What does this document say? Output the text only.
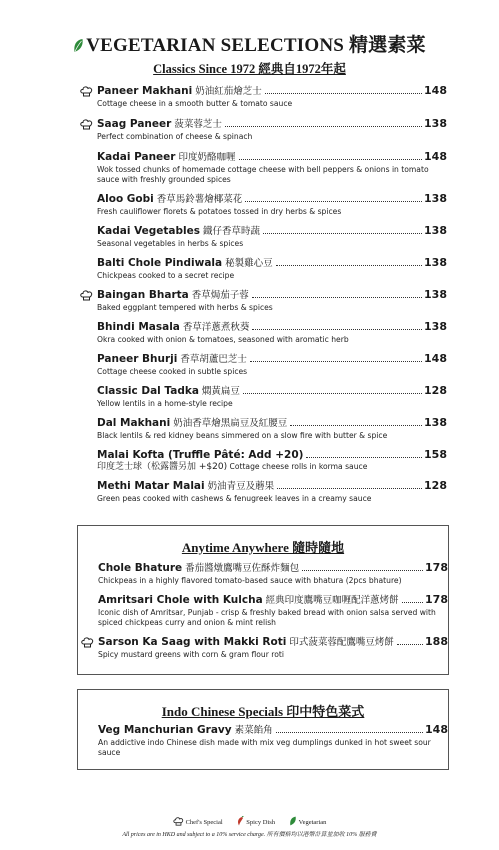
VEGETARIAN SELECTIONS 精選素菜
Classics Since 1972 經典自1972年起
Paneer Makhani 奶油紅茄燴芝士	148
Cottage cheese in a smooth butter & tomato sauce
Saag Paneer 菠菜蓉芝士	138
Perfect combination of cheese & spinach
Kadai Paneer 印度奶酪咖喱	148
Wok tossed chunks of homemade cottage cheese with bell peppers & onions in tomato sauce with freshly grounded spices
Aloo Gobi 香草馬鈴薯燴椰菜花	138
Fresh cauliflower florets & potatoes tossed in dry herbs & spices
Kadai Vegetables 鐵仔香草時蔬	138
Seasonal vegetables in herbs & spices
Balti Chole Pindiwala 秘製雞心豆	138
Chickpeas cooked to a secret recipe
Baingan Bharta 香草焗茄子蓉	138
Baked eggplant tempered with herbs & spices
Bhindi Masala 香草洋蔥煮秋葵	138
Okra cooked with onion & tomatoes, seasoned with aromatic herb
Paneer Bhurji 香草胡蘆巴芝士	148
Cottage cheese cooked in subtle spices
Classic Dal Tadka 燜黃扁豆	128
Yellow lentils in a home-style recipe
Dal Makhani 奶油香草燴黑扁豆及紅腰豆	138
Black lentils & red kidney beans simmered on a slow fire with butter & spice
Malai Kofta (Truffle Pâté: Add +20)	158
印度芝士球（松露醬另加 +$20) Cottage cheese rolls in korma sauce
Methi Matar Malai 奶油青豆及蘑果	128
Green peas cooked with cashews & fenugreek leaves in a creamy sauce
Anytime Anywhere 隨時隨地
Chole Bhature 番茄醬燉鷹嘴豆佐酥炸麵包	178
Chickpeas in a highly flavored tomato-based sauce with bhatura (2pcs bhature)
Amritsari Chole with Kulcha 經典印度鷹嘴豆咖喱配洋蔥烤餅 178
Iconic dish of Amritsar, Punjab - crisp & freshly baked bread with onion salsa served with spiced chickpeas curry and onion & mint relish
Sarson Ka Saag with Makki Roti 印式菠菜蓉配鷹嘴豆烤餅	188
Spicy mustard greens with corn & gram flour roti
Indo Chinese Specials 印中特色菜式
Veg Manchurian Gravy 素菜餡角	148
An addictive indo Chinese dish made with mix veg dumplings dunked in hot sweet sour sauce
Chef's Special	Spicy Dish	Vegetarian
All prices are in HKD and subject to a 10% service charge. 所有價格均以港幣計算並加收 10% 服務費
